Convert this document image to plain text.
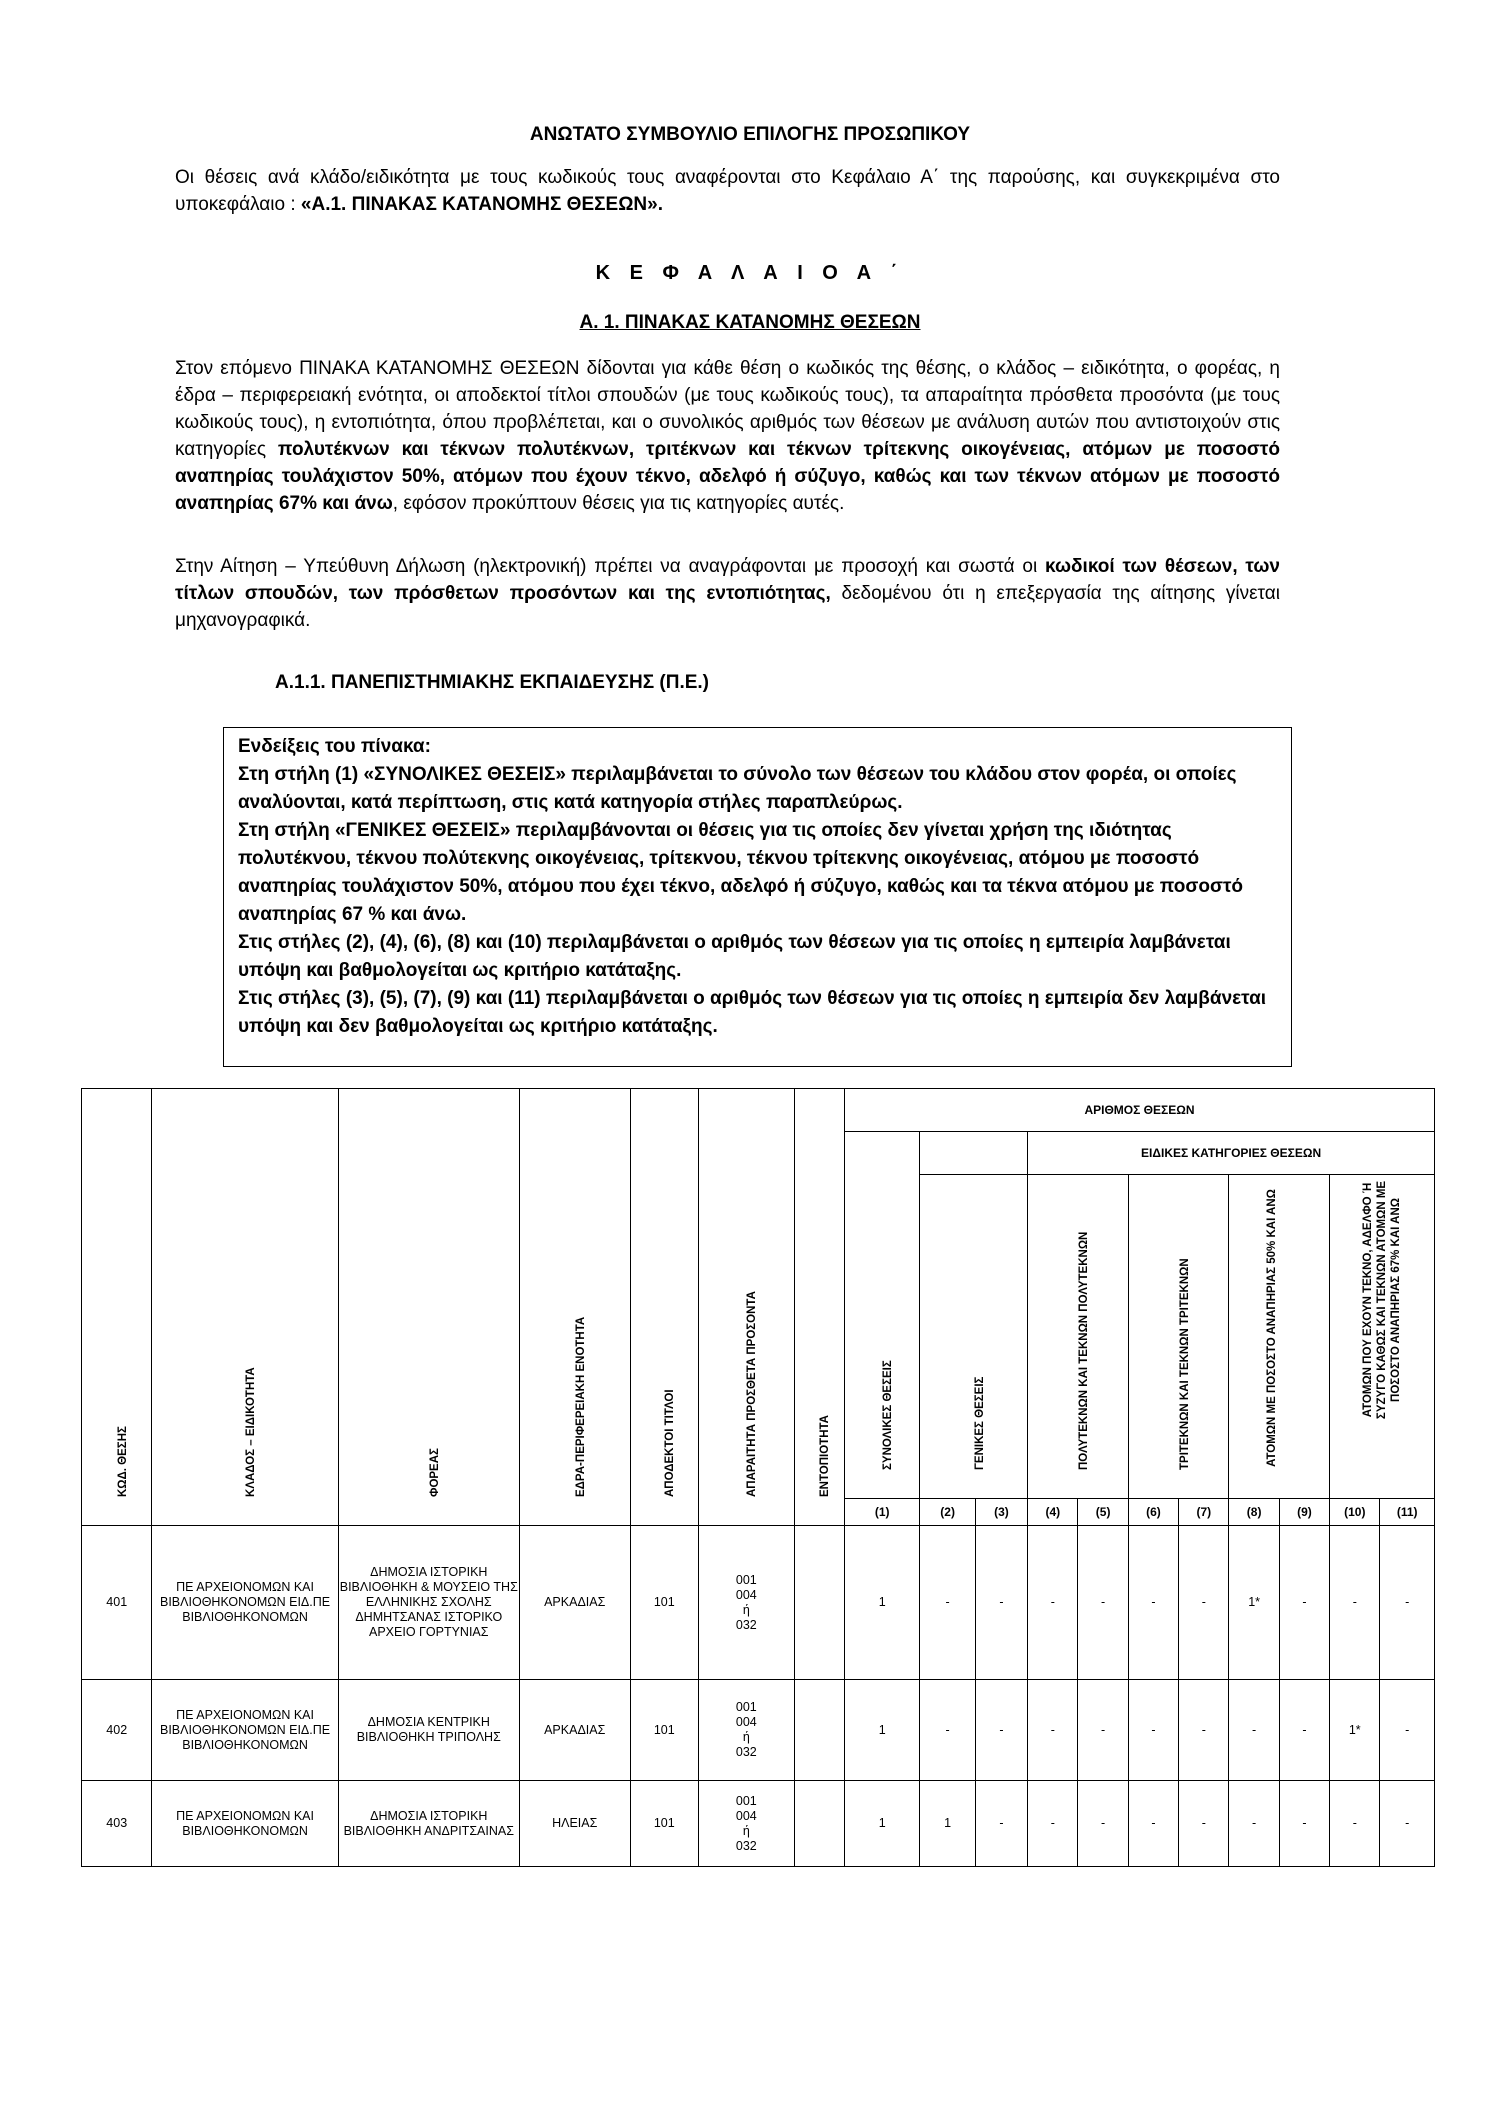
ΑΝΩΤΑΤΟ ΣΥΜΒΟΥΛΙΟ ΕΠΙΛΟΓΗΣ ΠΡΟΣΩΠΙΚΟΥ

Οι θέσεις ανά κλάδο/ειδικότητα με τους κωδικούς τους αναφέρονται στο Κεφάλαιο Α΄ της παρούσης, και συγκεκριμένα στο υποκεφάλαιο : «Α.1. ΠΙΝΑΚΑΣ ΚΑΤΑΝΟΜΗΣ ΘΕΣΕΩΝ».

Κ Ε Φ Α Λ Α Ι Ο Α ΄
Α. 1. ΠΙΝΑΚΑΣ ΚΑΤΑΝΟΜΗΣ ΘΕΣΕΩΝ

Στον επόμενο ΠΙΝΑΚΑ ΚΑΤΑΝΟΜΗΣ ΘΕΣΕΩΝ δίδονται για κάθε θέση ο κωδικός της θέσης, ο κλάδος – ειδικότητα, ο φορέας, η έδρα – περιφερειακή ενότητα, οι αποδεκτοί τίτλοι σπουδών (με τους κωδικούς τους), τα απαραίτητα πρόσθετα προσόντα (με τους κωδικούς τους), η εντοπιότητα, όπου προβλέπεται, και ο συνολικός αριθμός των θέσεων με ανάλυση αυτών που αντιστοιχούν στις κατηγορίες πολυτέκνων και τέκνων πολυτέκνων, τριτέκνων και τέκνων τρίτεκνης οικογένειας, ατόμων με ποσοστό αναπηρίας τουλάχιστον 50%, ατόμων που έχουν τέκνο, αδελφό ή σύζυγο, καθώς και των τέκνων ατόμων με ποσοστό αναπηρίας 67% και άνω, εφόσον προκύπτουν θέσεις για τις κατηγορίες αυτές.

Στην Αίτηση – Υπεύθυνη Δήλωση (ηλεκτρονική) πρέπει να αναγράφονται με προσοχή και σωστά οι κωδικοί των θέσεων, των τίτλων σπουδών, των πρόσθετων προσόντων και της εντοπιότητας, δεδομένου ότι η επεξεργασία της αίτησης γίνεται μηχανογραφικά.

Α.1.1. ΠΑΝΕΠΙΣΤΗΜΙΑΚΗΣ ΕΚΠΑΙΔΕΥΣΗΣ (Π.Ε.)

Ενδείξεις του πίνακα:

Στη στήλη (1) «ΣΥΝΟΛΙΚΕΣ ΘΕΣΕΙΣ» περιλαμβάνεται το σύνολο των θέσεων του κλάδου στον φορέα, οι οποίες αναλύονται, κατά περίπτωση, στις κατά κατηγορία στήλες παραπλεύρως.

Στη στήλη «ΓΕΝΙΚΕΣ ΘΕΣΕΙΣ» περιλαμβάνονται οι θέσεις για τις οποίες δεν γίνεται χρήση της ιδιότητας πολυτέκνου, τέκνου πολύτεκνης οικογένειας, τρίτεκνου, τέκνου τρίτεκνης οικογένειας, ατόμου με ποσοστό αναπηρίας τουλάχιστον 50%, ατόμου που έχει τέκνο, αδελφό ή σύζυγο, καθώς και τα τέκνα ατόμου με ποσοστό αναπηρίας 67 % και άνω.

Στις στήλες (2), (4), (6), (8) και (10) περιλαμβάνεται ο αριθμός των θέσεων για τις οποίες η εμπειρία λαμβάνεται υπόψη και βαθμολογείται ως κριτήριο κατάταξης.

Στις στήλες (3), (5), (7), (9) και (11) περιλαμβάνεται ο αριθμός των θέσεων για τις οποίες η εμπειρία δεν λαμβάνεται υπόψη και δεν βαθμολογείται ως κριτήριο κατάταξης.

ΚΩΔ. ΘΕΣΗΣ	ΚΛΑΔΟΣ – ΕΙΔΙΚΟΤΗΤΑ	ΦΟΡΕΑΣ	ΕΔΡΑ-ΠΕΡΙΦΕΡΕΙΑΚΗ ΕΝΟΤΗΤΑ	ΑΠΟΔΕΚΤΟΙ ΤΙΤΛΟΙ	ΑΠΑΡΑΙΤΗΤΑ ΠΡΟΣΘΕΤΑ ΠΡΟΣΟΝΤΑ	ΕΝΤΟΠΙΟΤΗΤΑ	ΑΡΙΘΜΟΣ ΘΕΣΕΩΝ										

							ΣΥΝΟΛΙΚΕΣ ΘΕΣΕΙΣ			ΕΙΔΙΚΕΣ ΚΑΤΗΓΟΡΙΕΣ ΘΕΣΕΩΝ							

								ΓΕΝΙΚΕΣ ΘΕΣΕΙΣ		ΠΟΛΥΤΕΚΝΩΝ ΚΑΙ ΤΕΚΝΩΝ ΠΟΛΥΤΕΚΝΩΝ		ΤΡΙΤΕΚΝΩΝ ΚΑΙ ΤΕΚΝΩΝ ΤΡΙΤΕΚΝΩΝ		ΑΤΟΜΩΝ ΜΕ ΠΟΣΟΣΤΟ ΑΝΑΠΗΡΙΑΣ 50% ΚΑΙ ΑΝΩ		ΑΤΟΜΩΝ ΠΟΥ ΕΧΟΥΝ ΤΕΚΝΟ, ΑΔΕΛΦΟ Ή ΣΥΖΥΓΟ ΚΑΘΩΣ ΚΑΙ ΤΕΚΝΩΝ ΑΤΟΜΩΝ ΜΕ ΠΟΣΟΣΤΟ ΑΝΑΠΗΡΙΑΣ 67% ΚΑΙ ΑΝΩ	

							(1)	(2)	(3)	(4)	(5)	(6)	(7)	(8)	(9)	(10)	(11)
401	ΠΕ ΑΡΧΕΙΟΝΟΜΩΝ ΚΑΙ ΒΙΒΛΙΟΘΗΚΟΝΟΜΩΝ ΕΙΔ.ΠΕ ΒΙΒΛΙΟΘΗΚΟΝΟΜΩΝ	ΔΗΜΟΣΙΑ ΙΣΤΟΡΙΚΗ ΒΙΒΛΙΟΘΗΚΗ & ΜΟΥΣΕΙΟ ΤΗΣ ΕΛΛΗΝΙΚΗΣ ΣΧΟΛΗΣ ΔΗΜΗΤΣΑΝΑΣ ΙΣΤΟΡΙΚΟ ΑΡΧΕΙΟ ΓΟΡΤΥΝΙΑΣ	ΑΡΚΑΔΙΑΣ	101	001
004
ή
032		1	-	-	-	-	-	-	1*	-	-	-
402	ΠΕ ΑΡΧΕΙΟΝΟΜΩΝ ΚΑΙ ΒΙΒΛΙΟΘΗΚΟΝΟΜΩΝ ΕΙΔ.ΠΕ ΒΙΒΛΙΟΘΗΚΟΝΟΜΩΝ	ΔΗΜΟΣΙΑ ΚΕΝΤΡΙΚΗ ΒΙΒΛΙΟΘΗΚΗ ΤΡΙΠΟΛΗΣ	ΑΡΚΑΔΙΑΣ	101	001
004
ή
032		1	-	-	-	-	-	-	-	-	1*	-
403	ΠΕ ΑΡΧΕΙΟΝΟΜΩΝ ΚΑΙ ΒΙΒΛΙΟΘΗΚΟΝΟΜΩΝ	ΔΗΜΟΣΙΑ ΙΣΤΟΡΙΚΗ ΒΙΒΛΙΟΘΗΚΗ ΑΝΔΡΙΤΣΑΙΝΑΣ	ΗΛΕΙΑΣ	101	001
004
ή
032		1	1	-	-	-	-	-	-	-	-	-
